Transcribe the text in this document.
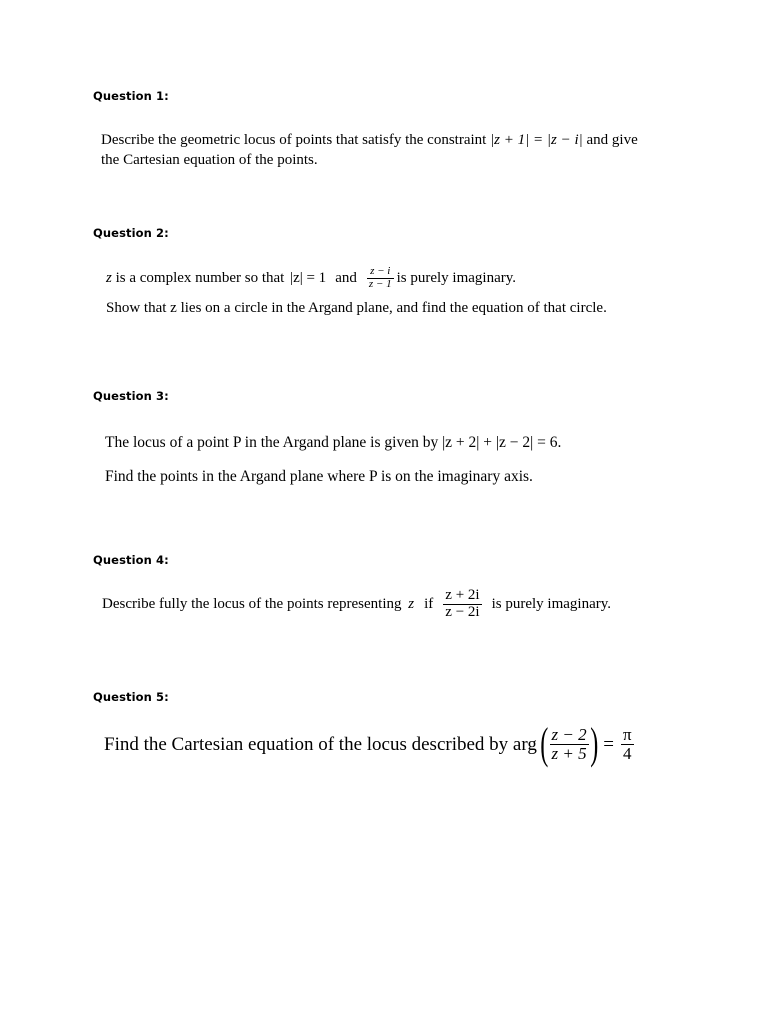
Question 1:
Describe the geometric locus of points that satisfy the constraint |z + 1| = |z − i| and give
the Cartesian equation of the points.
Question 2:
z is a complex number so that |z| = 1 and $\frac{z - i}{z - 1}$ is purely imaginary.
Show that z lies on a circle in the Argand plane, and find the equation of that circle.
Question 3:
The locus of a point P in the Argand plane is given by |z + 2| + |z − 2| = 6.
Find the points in the Argand plane where P is on the imaginary axis.
Question 4:
Describe fully the locus of the points representing z if $\frac{z + 2i}{z - 2i}$ is purely imaginary.
Question 5:
Find the Cartesian equation of the locus described by arg ( $\frac{z - 2}{z + 5}$ ) = $\frac{\pi}{4}$
